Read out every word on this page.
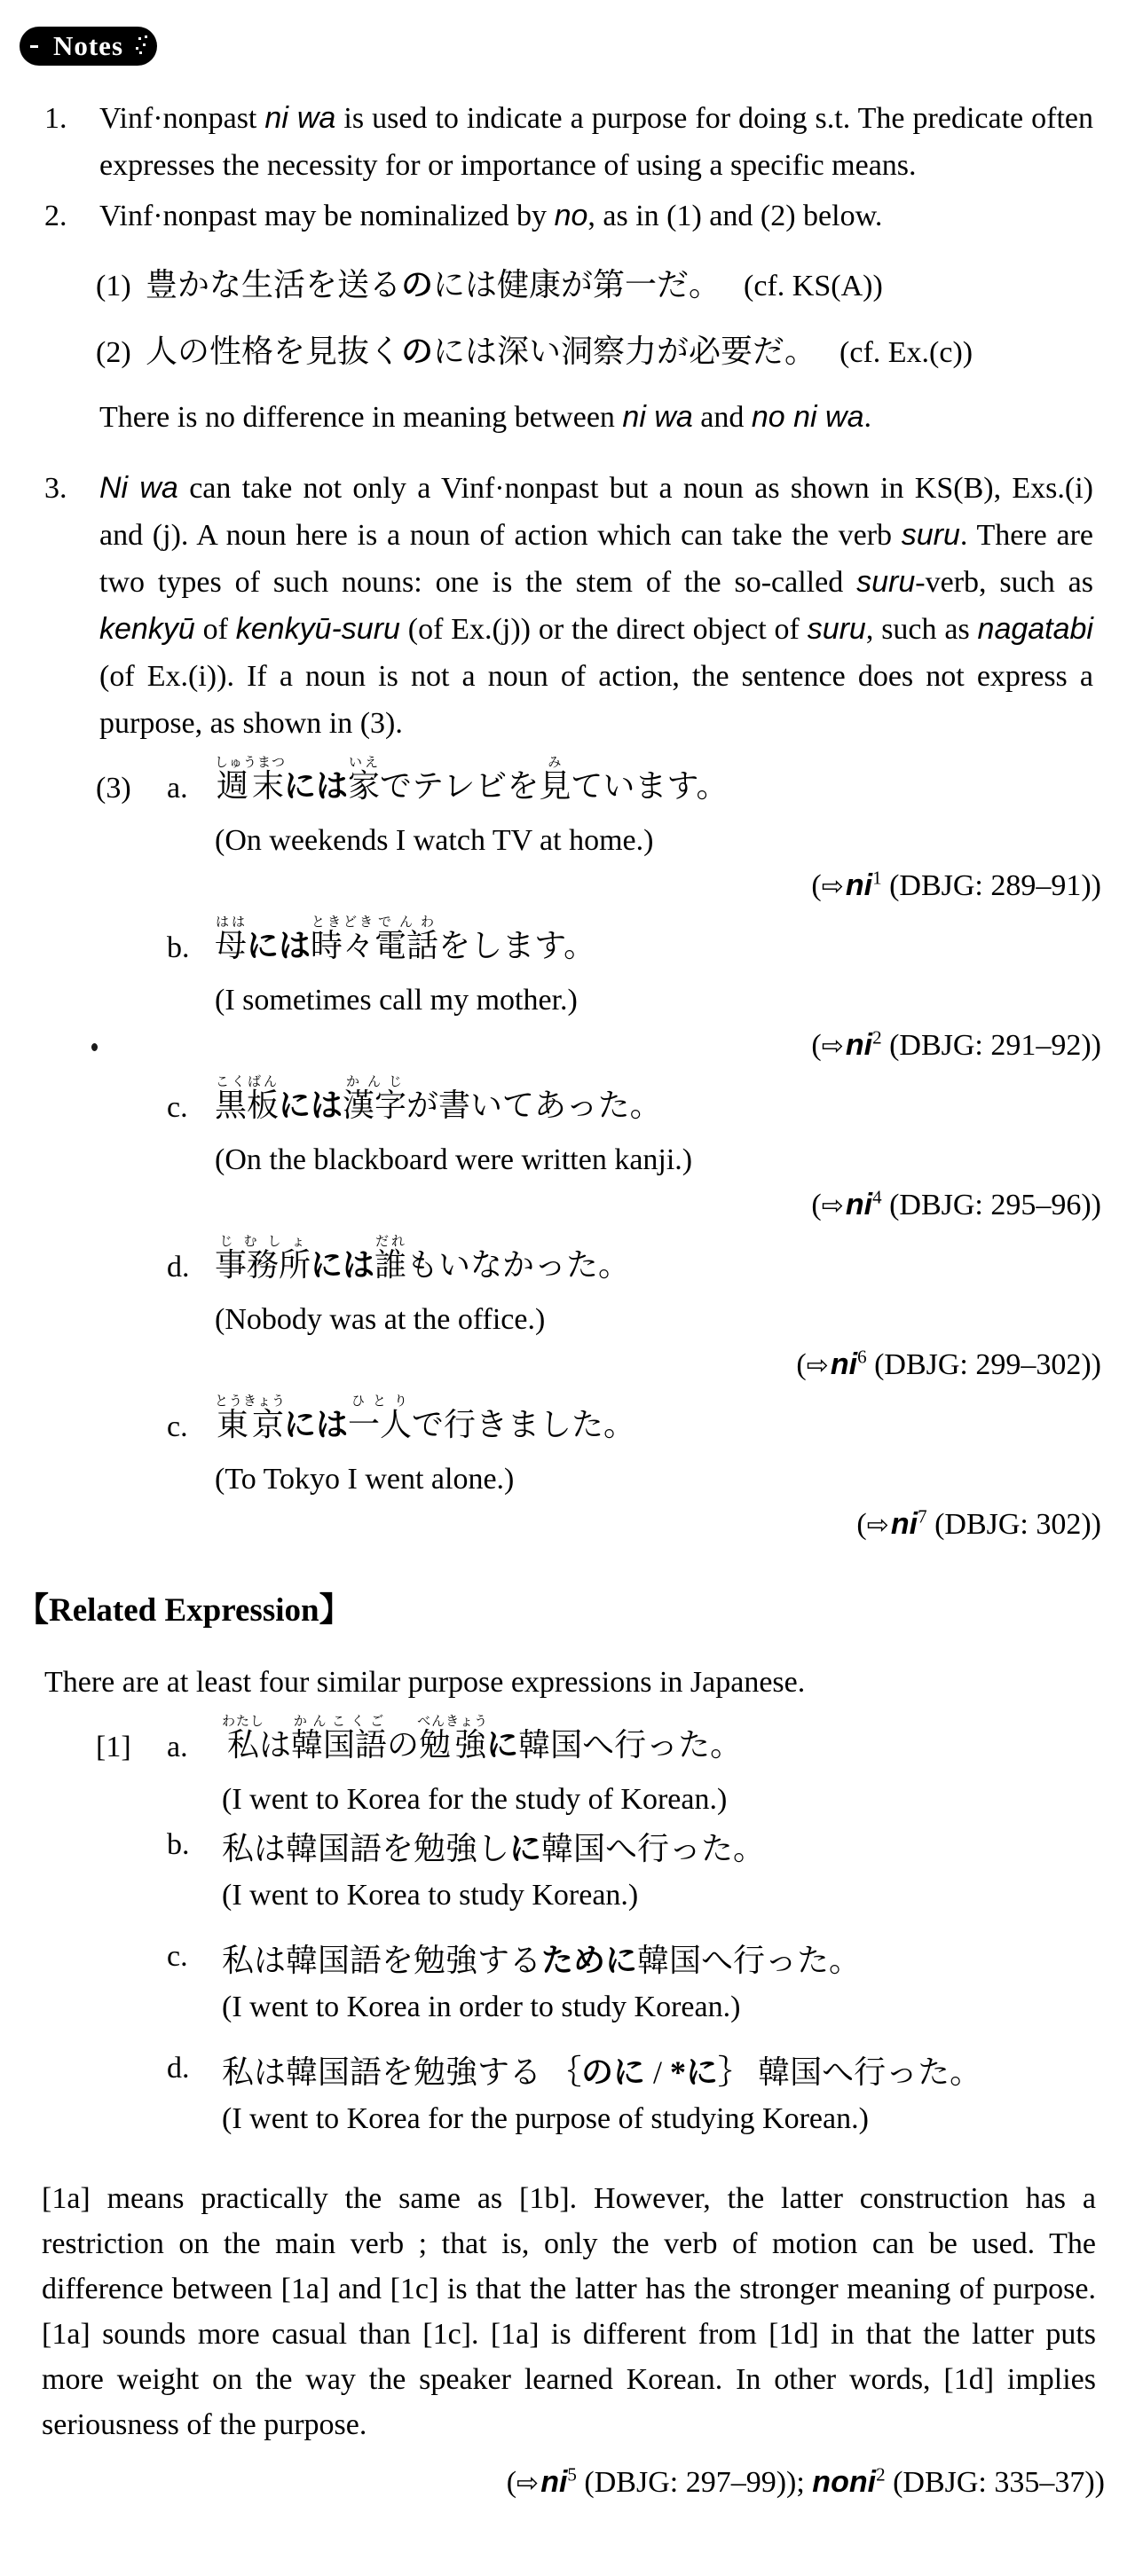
Notes
1.	Vinf·nonpast ni wa is used to indicate a purpose for doing s.t. The predicate often expresses the necessity for or importance of using a specific means.
2.	Vinf·nonpast may be nominalized by no, as in (1) and (2) below.
(1) 豊かな生活を送るのには健康が第一だ。 (cf. KS(A))
(2) 人の性格を見抜くのには深い洞察力が必要だ。 (cf. Ex.(c))
There is no difference in meaning between ni wa and no ni wa.
3.	Ni wa can take not only a Vinf·nonpast but a noun as shown in KS(B), Exs.(i) and (j). A noun here is a noun of action which can take the verb suru. There are two types of such nouns: one is the stem of the so-called suru-verb, such as kenkyū of kenkyū-suru (of Ex.(j)) or the direct object of suru, such as nagatabi (of Ex.(i)). If a noun is not a noun of action, the sentence does not express a purpose, as shown in (3).
(3)	a. 週末しゅうまつには家いえでテレビを見みています。
(On weekends I watch TV at home.)
($⇨ni^1$ (DBJG: 289–91))
b. 母ははには時々ときどき電話でんわをします。
(I sometimes call my mother.)
($⇨ni^2$ (DBJG: 291–92))
c. 黒板こくばんには漢字かんじが書いてあった。
(On the blackboard were written kanji.)
($⇨ni^4$ (DBJG: 295–96))
d. 事務所じむしょには誰だれもいなかった。
(Nobody was at the office.)
($⇨ni^6$ (DBJG: 299–302))
c. 東京とうきょうには一人ひとりで行きました。
(To Tokyo I went alone.)
($⇨ni^7$ (DBJG: 302))
【Related Expression】
There are at least four similar purpose expressions in Japanese.
[1]	a.	私わたしは韓国語かんこくごの勉強べんきょうに韓国へ行った。
(I went to Korea for the study of Korean.)
b.	私は韓国語を勉強しに韓国へ行った。
(I went to Korea to study Korean.)
c.	私は韓国語を勉強するために韓国へ行った。
(I went to Korea in order to study Korean.)
d.	私は韓国語を勉強する ｛のに / *に｝ 韓国へ行った。
(I went to Korea for the purpose of studying Korean.)
[1a] means practically the same as [1b]. However, the latter construction has a restriction on the main verb ; that is, only the verb of motion can be used. The difference between [1a] and [1c] is that the latter has the stronger meaning of purpose. [1a] sounds more casual than [1c]. [1a] is different from [1d] in that the latter puts more weight on the way the speaker learned Korean. In other words, [1d] implies seriousness of the purpose.
($⇨ni^5$ (DBJG: 297–99)); noni$^2$ (DBJG: 335–37))
